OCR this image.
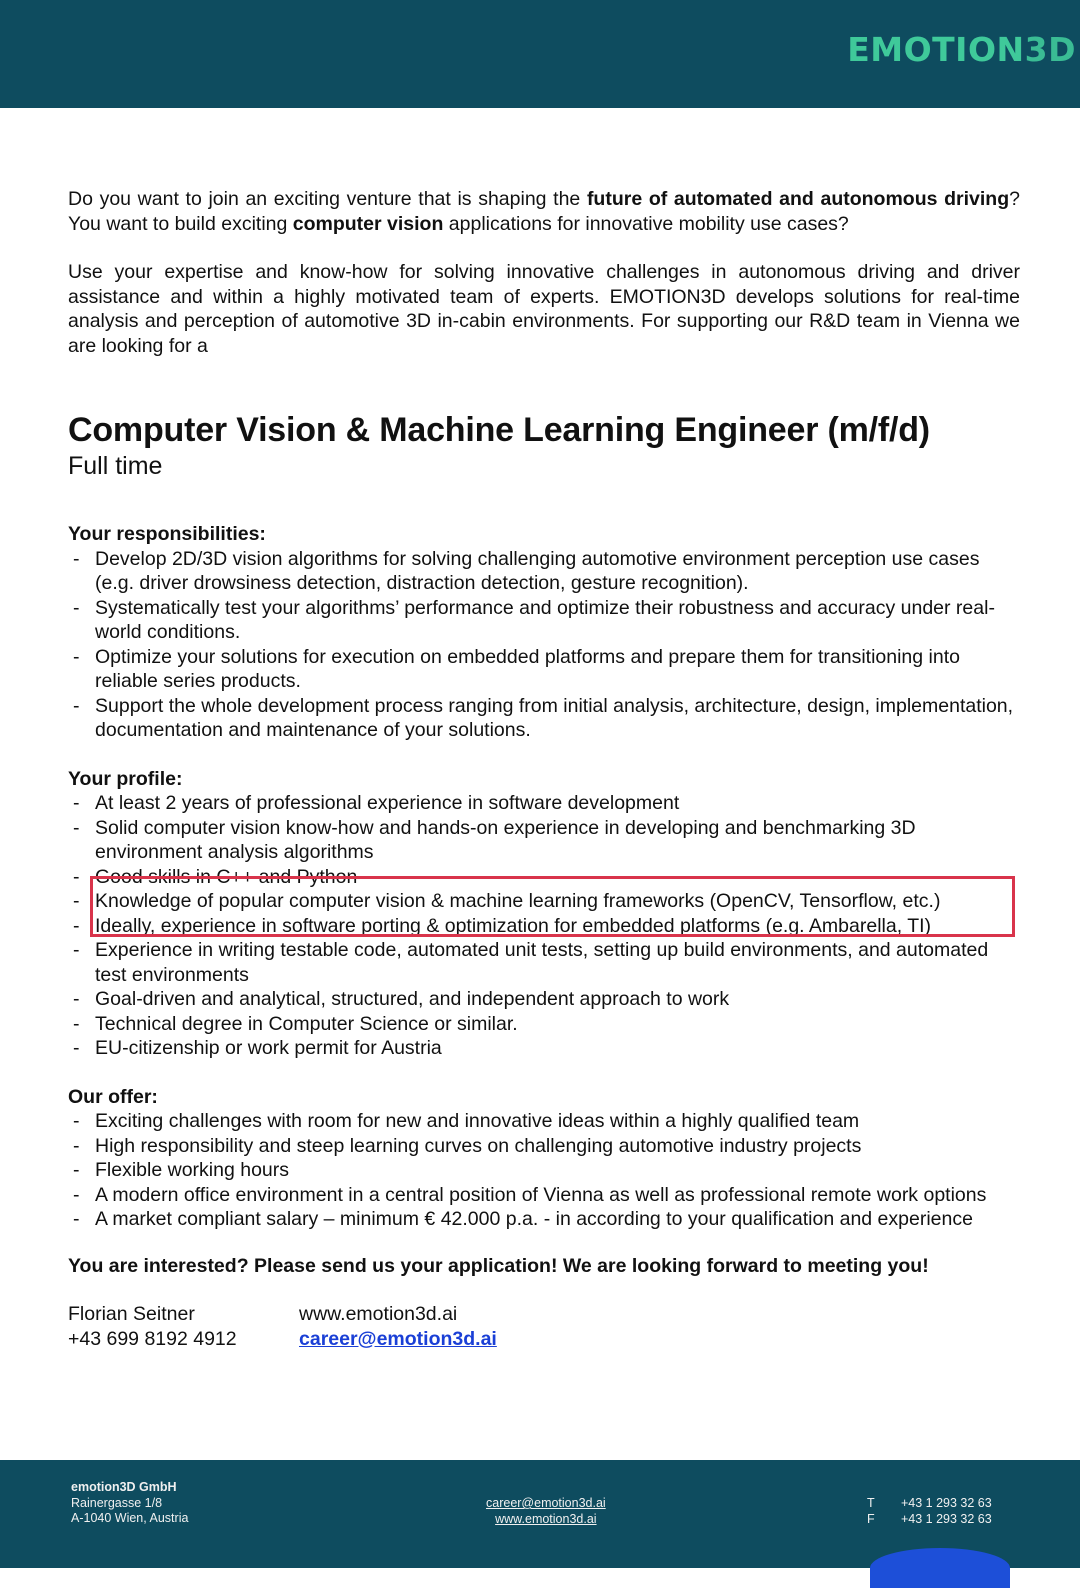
EMOTION3D

Do you want to join an exciting venture that is shaping the future of automated and autonomous driving? You want to build exciting computer vision applications for innovative mobility use cases?

Use your expertise and know-how for solving innovative challenges in autonomous driving and driver assistance and within a highly motivated team of experts. EMOTION3D develops solutions for real-time analysis and perception of automotive 3D in-cabin environments. For supporting our R&D team in Vienna we are looking for a

Computer Vision & Machine Learning Engineer (m/f/d)

Full time

Your responsibilities:

- Develop 2D/3D vision algorithms for solving challenging automotive environment perception use cases (e.g. driver drowsiness detection, distraction detection, gesture recognition).
- Systematically test your algorithms’ performance and optimize their robustness and accuracy under real-world conditions.
- Optimize your solutions for execution on embedded platforms and prepare them for transitioning into reliable series products.
- Support the whole development process ranging from initial analysis, architecture, design, implementation, documentation and maintenance of your solutions.

Your profile:

- At least 2 years of professional experience in software development
- Solid computer vision know-how and hands-on experience in developing and benchmarking 3D environment analysis algorithms
- Good skills in C++ and Python
- Knowledge of popular computer vision & machine learning frameworks (OpenCV, Tensorflow, etc.)
- Ideally, experience in software porting & optimization for embedded platforms (e.g. Ambarella, TI)
- Experience in writing testable code, automated unit tests, setting up build environments, and automated test environments
- Goal-driven and analytical, structured, and independent approach to work
- Technical degree in Computer Science or similar.
- EU-citizenship or work permit for Austria

Our offer:

- Exciting challenges with room for new and innovative ideas within a highly qualified team
- High responsibility and steep learning curves on challenging automotive industry projects
- Flexible working hours
- A modern office environment in a central position of Vienna as well as professional remote work options
- A market compliant salary – minimum € 42.000 p.a. - in according to your qualification and experience

You are interested? Please send us your application! We are looking forward to meeting you!

Florian Seitner
+43 699 8192 4912
www.emotion3d.ai
career@emotion3d.ai
emotion3D GmbH
Rainergasse 1/8
A-1040 Wien, Austria
career@emotion3d.ai
www.emotion3d.ai
T
F
+43 1 293 32 63
+43 1 293 32 63
